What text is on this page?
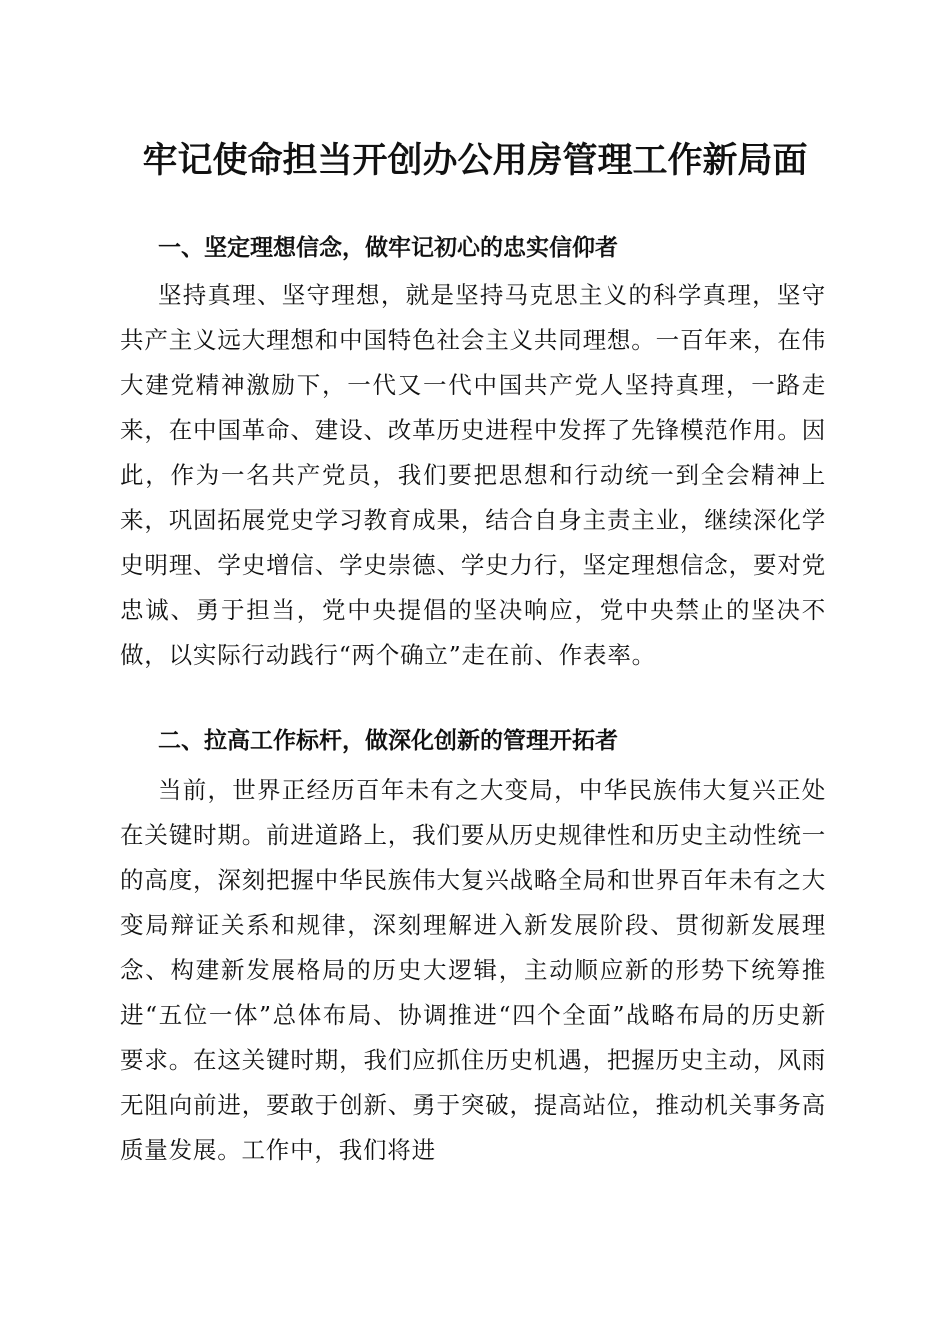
牢记使命担当开创办公用房管理工作新局面
一、坚定理想信念，做牢记初心的忠实信仰者

坚持真理、坚守理想，就是坚持马克思主义的科学真理，坚守共产主义远大理想和中国特色社会主义共同理想。一百年来，在伟大建党精神激励下，一代又一代中国共产党人坚持真理，一路走来，在中国革命、建设、改革历史进程中发挥了先锋模范作用。因此，作为一名共产党员，我们要把思想和行动统一到全会精神上来，巩固拓展党史学习教育成果，结合自身主责主业，继续深化学史明理、学史增信、学史崇德、学史力行，坚定理想信念，要对党忠诚、勇于担当，党中央提倡的坚决响应，党中央禁止的坚决不做，以实际行动践行“两个确立”走在前、作表率。

二、拉高工作标杆，做深化创新的管理开拓者

当前，世界正经历百年未有之大变局，中华民族伟大复兴正处在关键时期。前进道路上，我们要从历史规律性和历史主动性统一的高度，深刻把握中华民族伟大复兴战略全局和世界百年未有之大变局辩证关系和规律，深刻理解进入新发展阶段、贯彻新发展理念、构建新发展格局的历史大逻辑，主动顺应新的形势下统筹推进“五位一体”总体布局、协调推进“四个全面”战略布局的历史新要求。在这关键时期，我们应抓住历史机遇，把握历史主动，风雨无阻向前进，要敢于创新、勇于突破，提高站位，推动机关事务高质量发展。工作中，我们将进
